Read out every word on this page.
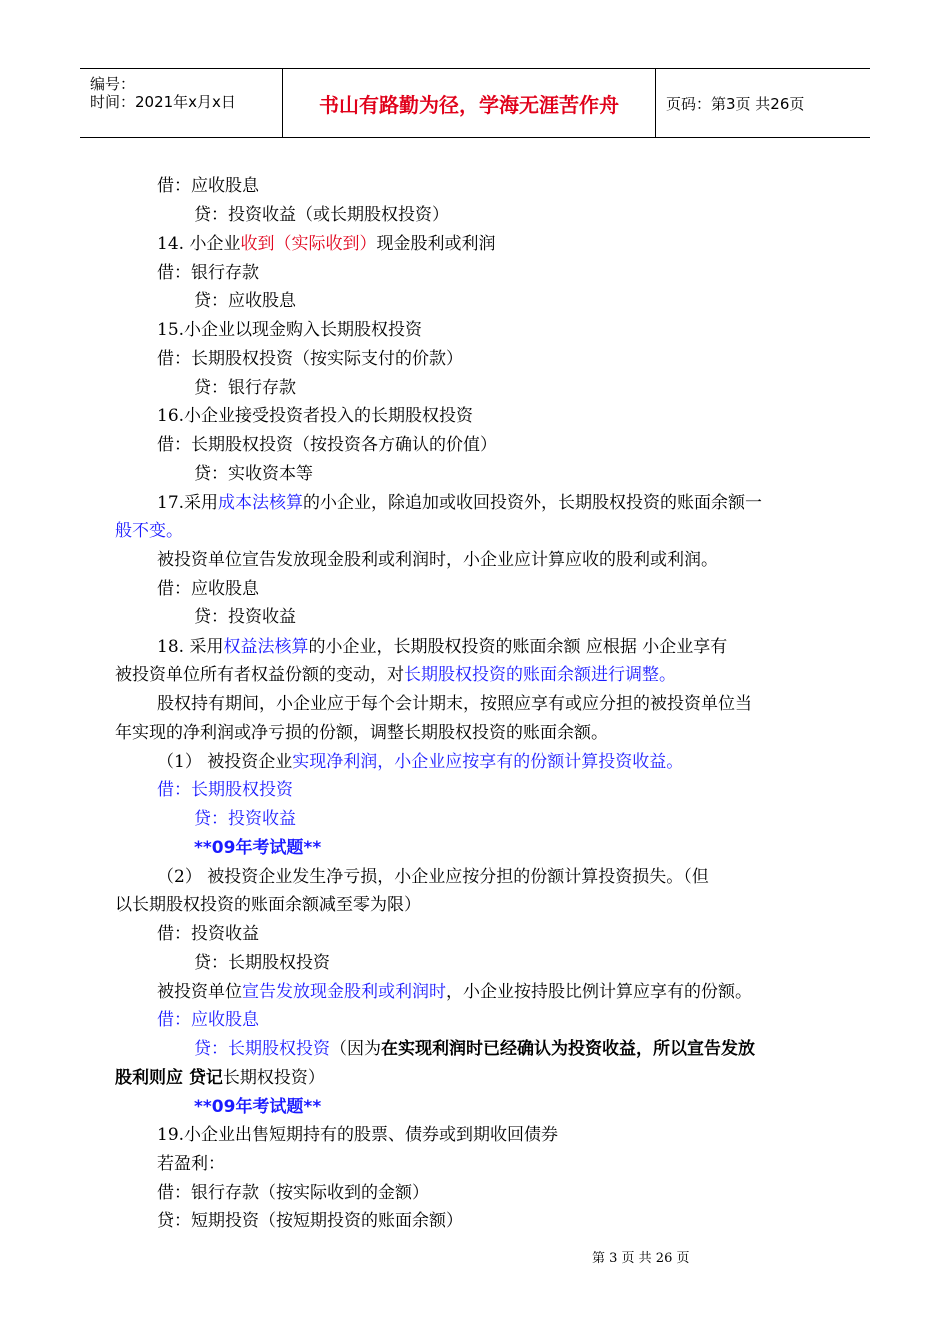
编号：
时间：2021年x月x日	书山有路勤为径，学海无涯苦作舟	页码：第3页 共26页
借：应收股息
贷：投资收益（或长期股权投资）
14. 小企业收到（实际收到）现金股利或利润
借：银行存款
贷：应收股息
15.小企业以现金购入长期股权投资
借：长期股权投资（按实际支付的价款）
贷：银行存款
16.小企业接受投资者投入的长期股权投资
借：长期股权投资（按投资各方确认的价值）
贷：实收资本等
17.采用成本法核算的小企业，除追加或收回投资外，长期股权投资的账面余额一
般不变。
被投资单位宣告发放现金股利或利润时，小企业应计算应收的股利或利润。
借：应收股息
贷：投资收益
18. 采用权益法核算的小企业，长期股权投资的账面余额 应根据 小企业享有
被投资单位所有者权益份额的变动，对长期股权投资的账面余额进行调整。
股权持有期间，小企业应于每个会计期末，按照应享有或应分担的被投资单位当
年实现的净利润或净亏损的份额，调整长期股权投资的账面余额。
（1） 被投资企业实现净利润，小企业应按享有的份额计算投资收益。
借：长期股权投资
贷：投资收益
**09年考试题**
（2） 被投资企业发生净亏损，小企业应按分担的份额计算投资损失。（但
以长期股权投资的账面余额减至零为限）
借：投资收益
贷：长期股权投资
被投资单位宣告发放现金股利或利润时，小企业按持股比例计算应享有的份额。
借：应收股息
贷：长期股权投资（因为在实现利润时已经确认为投资收益，所以宣告发放
股利则应 贷记长期权投资）
**09年考试题**
19.小企业出售短期持有的股票、债券或到期收回债券
若盈利：
借：银行存款（按实际收到的金额）
贷：短期投资（按短期投资的账面余额）
第 3 页 共 26 页
